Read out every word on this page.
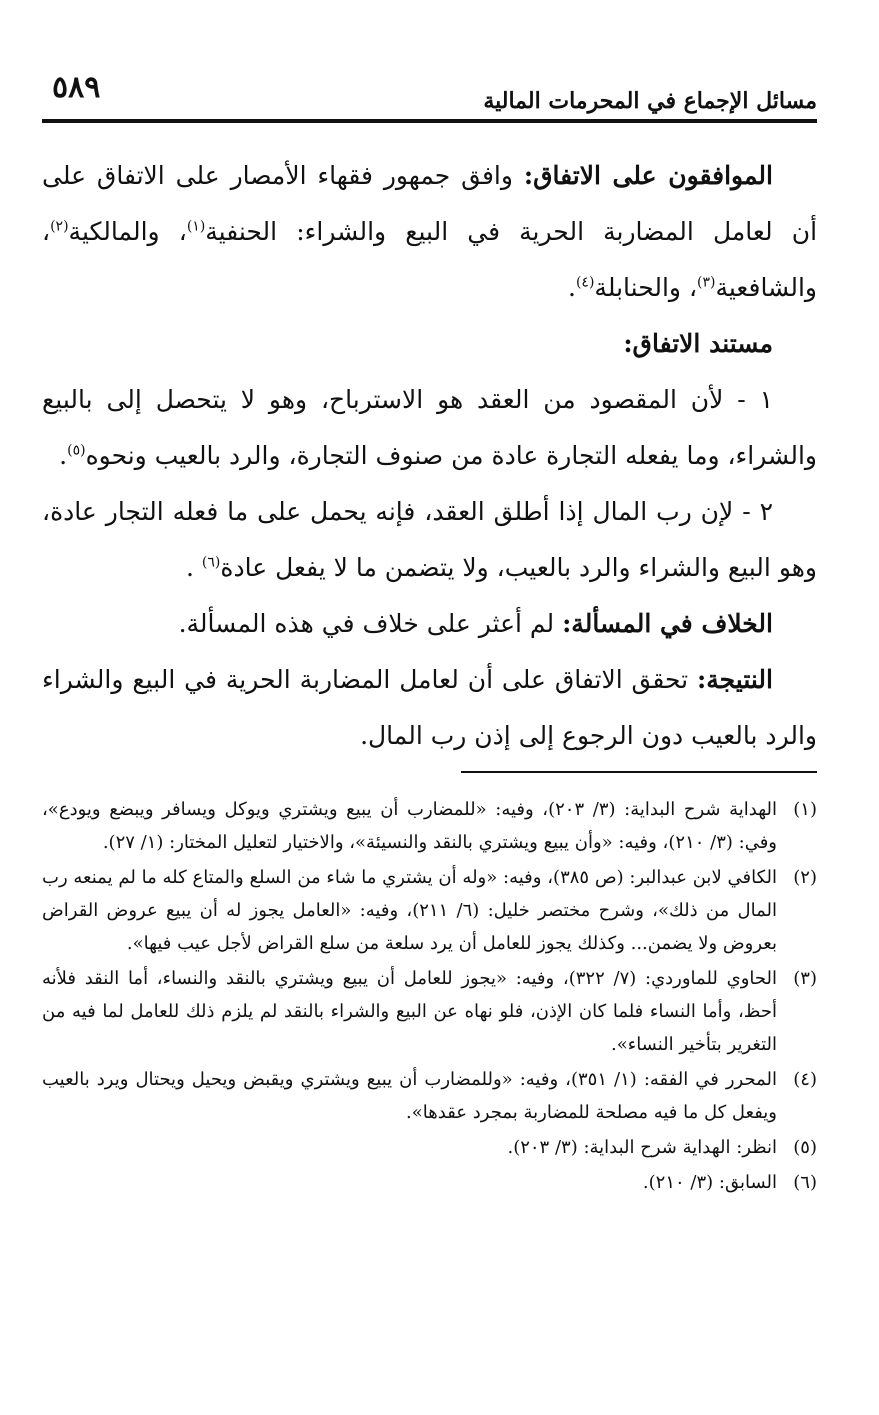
مسائل الإجماع في المحرمات المالية
٥٨٩

الموافقون على الاتفاق: وافق جمهور فقهاء الأمصار على الاتفاق على أن لعامل المضاربة الحرية في البيع والشراء: الحنفية$^{(١)}$، والمالكية$^{(٢)}$، والشافعية$^{(٣)}$، والحنابلة$^{(٤)}$.

مستند الاتفاق:

١ - لأن المقصود من العقد هو الاسترباح، وهو لا يتحصل إلى بالبيع والشراء، وما يفعله التجارة عادة من صنوف التجارة، والرد بالعيب ونحوه$^{(٥)}$.

٢ - لإن رب المال إذا أطلق العقد، فإنه يحمل على ما فعله التجار عادة، وهو البيع والشراء والرد بالعيب، ولا يتضمن ما لا يفعل عادة$^{(٦)}$ .

الخلاف في المسألة: لم أعثر على خلاف في هذه المسألة.

النتيجة: تحقق الاتفاق على أن لعامل المضاربة الحرية في البيع والشراء والرد بالعيب دون الرجوع إلى إذن رب المال.

(١)
الهداية شرح البداية: (٣/ ٢٠٣)، وفيه: «للمضارب أن يبيع ويشتري ويوكل ويسافر ويبضع ويودع»، وفي: (٣/ ٢١٠)، وفيه: «وأن يبيع ويشتري بالنقد والنسيئة»، والاختيار لتعليل المختار: (١/ ٢٧).
(٢)
الكافي لابن عبدالبر: (ص ٣٨٥)، وفيه: «وله أن يشتري ما شاء من السلع والمتاع كله ما لم يمنعه رب المال من ذلك»، وشرح مختصر خليل: (٦/ ٢١١)، وفيه: «العامل يجوز له أن يبيع عروض القراض بعروض ولا يضمن... وكذلك يجوز للعامل أن يرد سلعة من سلع القراض لأجل عيب فيها».
(٣)
الحاوي للماوردي: (٧/ ٣٢٢)، وفيه: «يجوز للعامل أن يبيع ويشتري بالنقد والنساء، أما النقد فلأنه أحظ، وأما النساء فلما كان الإذن، فلو نهاه عن البيع والشراء بالنقد لم يلزم ذلك للعامل لما فيه من التغرير بتأخير النساء».
(٤)
المحرر في الفقه: (١/ ٣٥١)، وفيه: «وللمضارب أن يبيع ويشتري ويقبض ويحيل ويحتال ويرد بالعيب ويفعل كل ما فيه مصلحة للمضاربة بمجرد عقدها».
(٥)
انظر: الهداية شرح البداية: (٣/ ٢٠٣).
(٦)
السابق: (٣/ ٢١٠).
